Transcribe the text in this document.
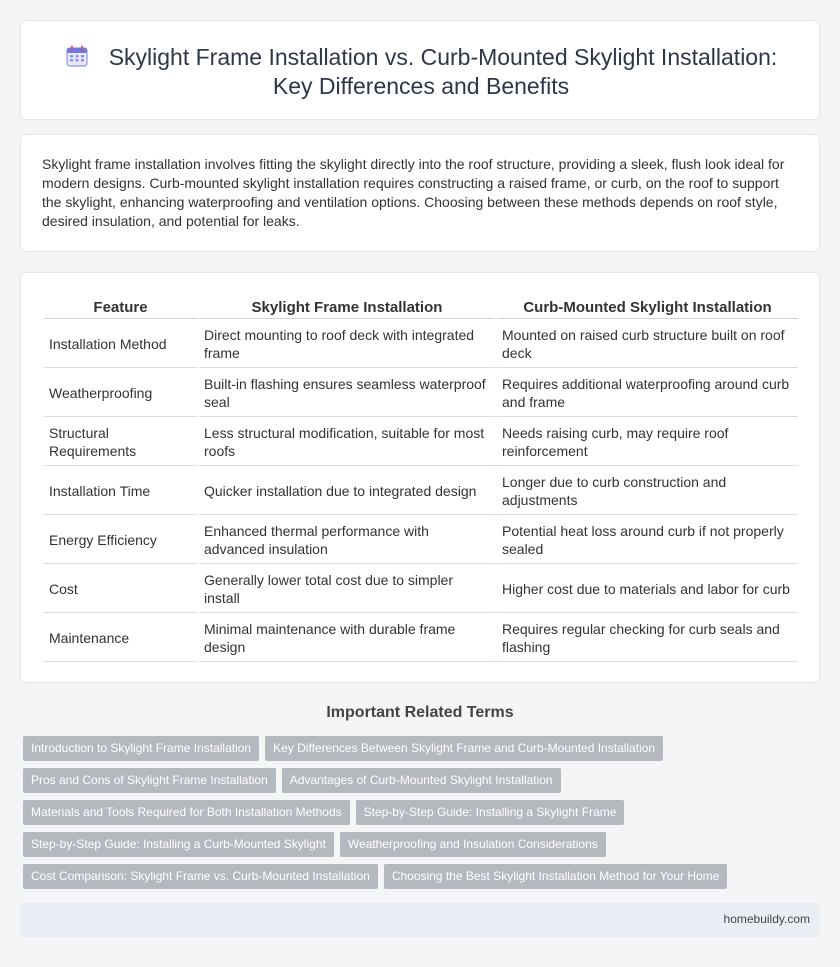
Skylight Frame Installation vs. Curb-Mounted Skylight Installation:
Key Differences and Benefits

Skylight frame installation involves fitting the skylight directly into the roof structure, providing a sleek, flush look ideal for modern designs. Curb-mounted skylight installation requires constructing a raised frame, or curb, on the roof to support the skylight, enhancing waterproofing and ventilation options. Choosing between these methods depends on roof style, desired insulation, and potential for leaks.

Feature	Skylight Frame Installation	Curb-Mounted Skylight Installation
Installation Method	Direct mounting to roof deck with integrated frame	Mounted on raised curb structure built on roof deck
Weatherproofing	Built-in flashing ensures seamless waterproof seal	Requires additional waterproofing around curb and frame
Structural Requirements	Less structural modification, suitable for most roofs	Needs raising curb, may require roof reinforcement
Installation Time	Quicker installation due to integrated design	Longer due to curb construction and adjustments
Energy Efficiency	Enhanced thermal performance with advanced insulation	Potential heat loss around curb if not properly sealed
Cost	Generally lower total cost due to simpler install	Higher cost due to materials and labor for curb
Maintenance	Minimal maintenance with durable frame design	Requires regular checking for curb seals and flashing
Important Related Terms
Introduction to Skylight Frame Installation	Key Differences Between Skylight Frame and Curb-Mounted Installation
Pros and Cons of Skylight Frame Installation	Advantages of Curb-Mounted Skylight Installation
Materials and Tools Required for Both Installation Methods	Step-by-Step Guide: Installing a Skylight Frame
Step-by-Step Guide: Installing a Curb-Mounted Skylight	Weatherproofing and Insulation Considerations
Cost Comparison: Skylight Frame vs. Curb-Mounted Installation	Choosing the Best Skylight Installation Method for Your Home
homebuildy.com
